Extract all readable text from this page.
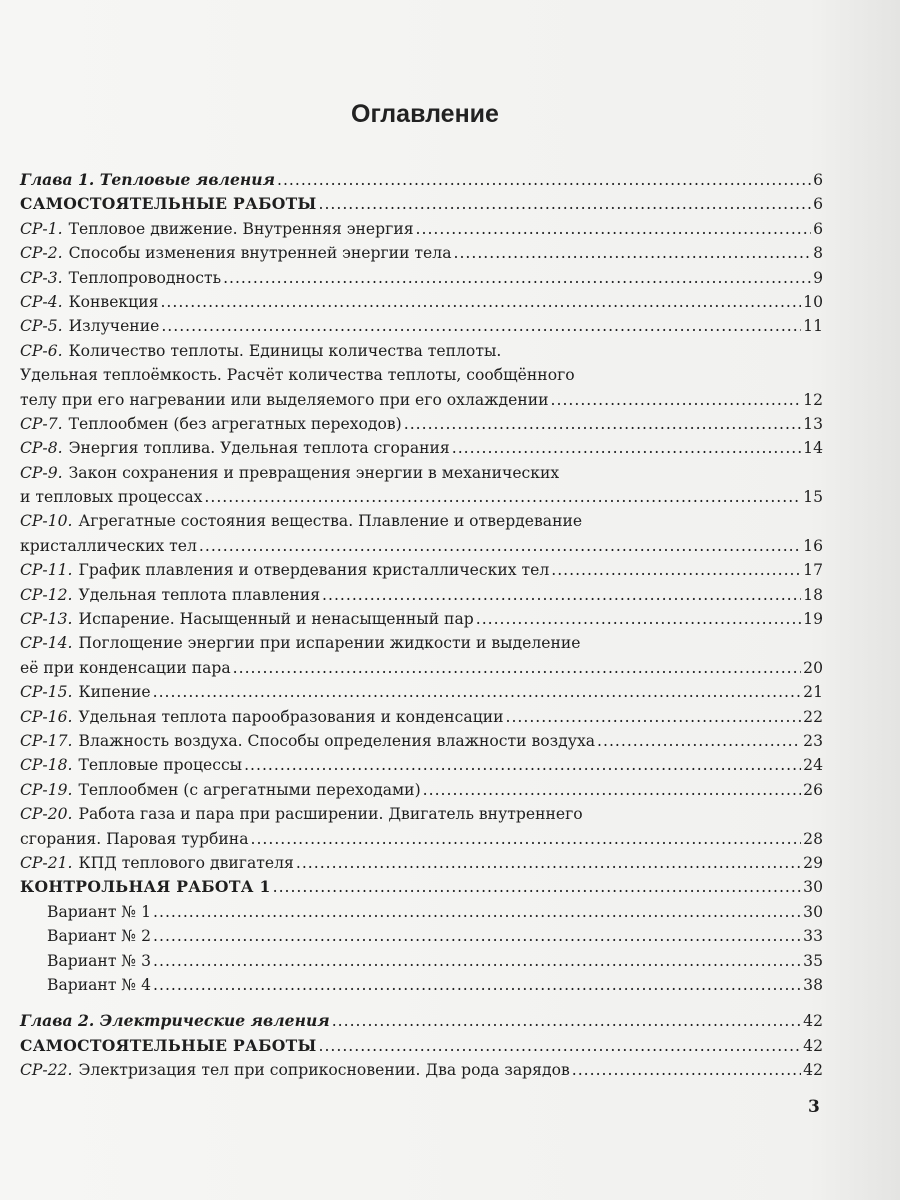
Оглавление
Глава 1. Тепловые явления .....	6
САМОСТОЯТЕЛЬНЫЕ РАБОТЫ .....	6
СР-1. Тепловое движение. Внутренняя энергия .....	6
СР-2. Способы изменения внутренней энергии тела .....	8
СР-3. Теплопроводность .....	9
СР-4. Конвекция .....	10
СР-5. Излучение .....	11
СР-6. Количество теплоты. Единицы количества теплоты.
Удельная теплоёмкость. Расчёт количества теплоты, сообщённого
телу при его нагревании или выделяемого при его охлаждении .....	12
СР-7. Теплообмен (без агрегатных переходов) .....	13
СР-8. Энергия топлива. Удельная теплота сгорания .....	14
СР-9. Закон сохранения и превращения энергии в механических
и тепловых процессах .....	15
СР-10. Агрегатные состояния вещества. Плавление и отвердевание
кристаллических тел .....	16
СР-11. График плавления и отвердевания кристаллических тел .....	17
СР-12. Удельная теплота плавления .....	18
СР-13. Испарение. Насыщенный и ненасыщенный пар .....	19
СР-14. Поглощение энергии при испарении жидкости и выделение
её при конденсации пара .....	20
СР-15. Кипение .....	21
СР-16. Удельная теплота парообразования и конденсации .....	22
СР-17. Влажность воздуха. Способы определения влажности воздуха .....	23
СР-18. Тепловые процессы .....	24
СР-19. Теплообмен (с агрегатными переходами) .....	26
СР-20. Работа газа и пара при расширении. Двигатель внутреннего
сгорания. Паровая турбина .....	28
СР-21. КПД теплового двигателя .....	29
КОНТРОЛЬНАЯ РАБОТА 1 .....	30
Вариант № 1 .....	30
Вариант № 2 .....	33
Вариант № 3 .....	35
Вариант № 4 .....	38
Глава 2. Электрические явления .....	42
САМОСТОЯТЕЛЬНЫЕ РАБОТЫ .....	42
СР-22. Электризация тел при соприкосновении. Два рода зарядов .....	42
3
